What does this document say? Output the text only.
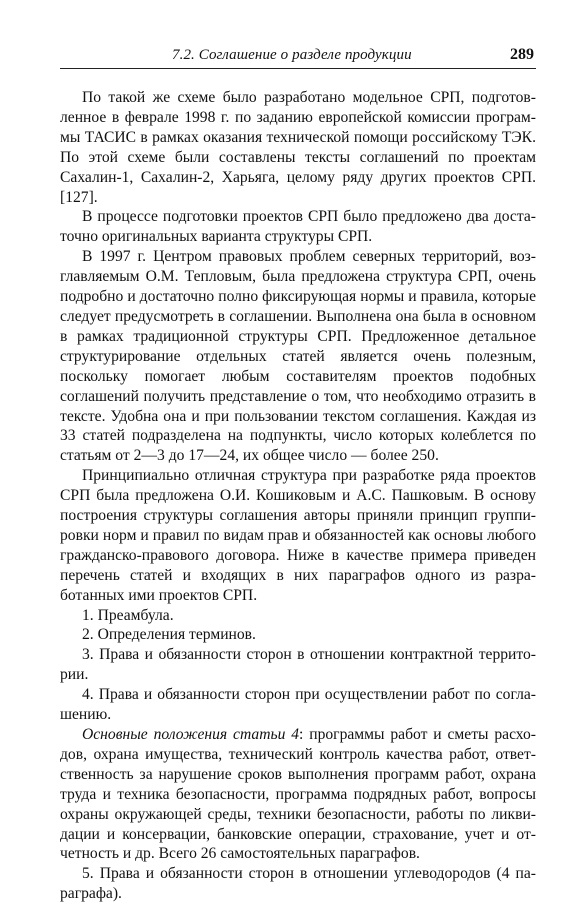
7.2. Соглашение о разделе продукции	289

По такой же схеме было разработано модельное СРП, подготовленное в феврале 1998 г. по заданию европейской комиссии программы ТАСИС в рамках оказания технической помощи российскому ТЭК. По этой схеме были составлены тексты соглашений по проектам Сахалин-1, Сахалин-2, Харьяга, целому ряду других проектов СРП. [127].

В процессе подготовки проектов СРП было предложено два достаточно оригинальных варианта структуры СРП.

В 1997 г. Центром правовых проблем северных территорий, возглавляемым О.М. Тепловым, была предложена структура СРП, очень подробно и достаточно полно фиксирующая нормы и правила, которые следует предусмотреть в соглашении. Выполнена она была в основном в рамках традиционной структуры СРП. Предложенное детальное структурирование отдельных статей является очень полезным, поскольку помогает любым составителям проектов подобных соглашений получить представление о том, что необходимо отразить в тексте. Удобна она и при пользовании текстом соглашения. Каждая из 33 статей подразделена на подпункты, число которых колеблется по статьям от 2—3 до 17—24, их общее число — более 250.

Принципиально отличная структура при разработке ряда проектов СРП была предложена О.И. Кошиковым и А.С. Пашковым. В основу построения структуры соглашения авторы приняли принцип группировки норм и правил по видам прав и обязанностей как основы любого гражданско-правового договора. Ниже в качестве примера приведен перечень статей и входящих в них параграфов одного из разработанных ими проектов СРП.

1. Преамбула.

2. Определения терминов.

3. Права и обязанности сторон в отношении контрактной территории.

4. Права и обязанности сторон при осуществлении работ по соглашению.

Основные положения статьи 4: программы работ и сметы расходов, охрана имущества, технический контроль качества работ, ответственность за нарушение сроков выполнения программ работ, охрана труда и техника безопасности, программа подрядных работ, вопросы охраны окружающей среды, техники безопасности, работы по ликвидации и консервации, банковские операции, страхование, учет и отчетность и др. Всего 26 самостоятельных параграфов.

5. Права и обязанности сторон в отношении углеводородов (4 параграфа).
